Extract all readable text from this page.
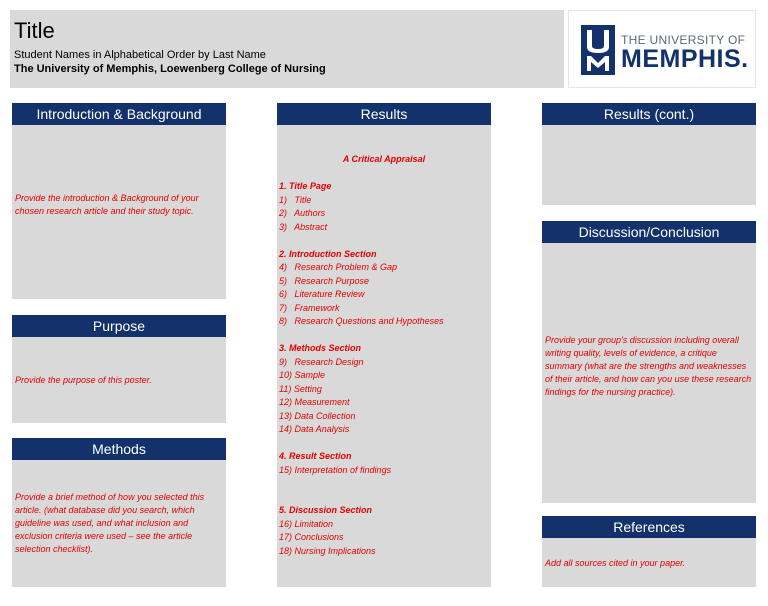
Title
Student Names in Alphabetical Order by Last Name
The University of Memphis, Loewenberg College of Nursing
THE UNIVERSITY OF
MEMPHIS.
Introduction & Background
Provide the introduction & Background of your chosen research article and their study topic.
Purpose
Provide the purpose of this poster.
Methods
Provide a brief method of how you selected this article. (what database did you search, which guideline was used, and what inclusion and exclusion criteria were used – see the article selection checklist).
Results
A Critical Appraisal
1. Title Page
1)   Title
2)   Authors
3)   Abstract
2. Introduction Section
4)   Research Problem & Gap
5)   Research Purpose
6)   Literature Review
7)   Framework
8)   Research Questions and Hypotheses
3. Methods Section
9)   Research Design
10) Sample
11) Setting
12) Measurement
13) Data Collection
14) Data Analysis
4. Result Section
15) Interpretation of findings
5. Discussion Section
16) Limitation
17) Conclusions
18) Nursing Implications
Results (cont.)
Discussion/Conclusion
Provide your group's discussion including overall writing quality, levels of evidence, a critique summary (what are the strengths and weaknesses of their article, and how can you use these research findings for the nursing practice).
References
Add all sources cited in your paper.
